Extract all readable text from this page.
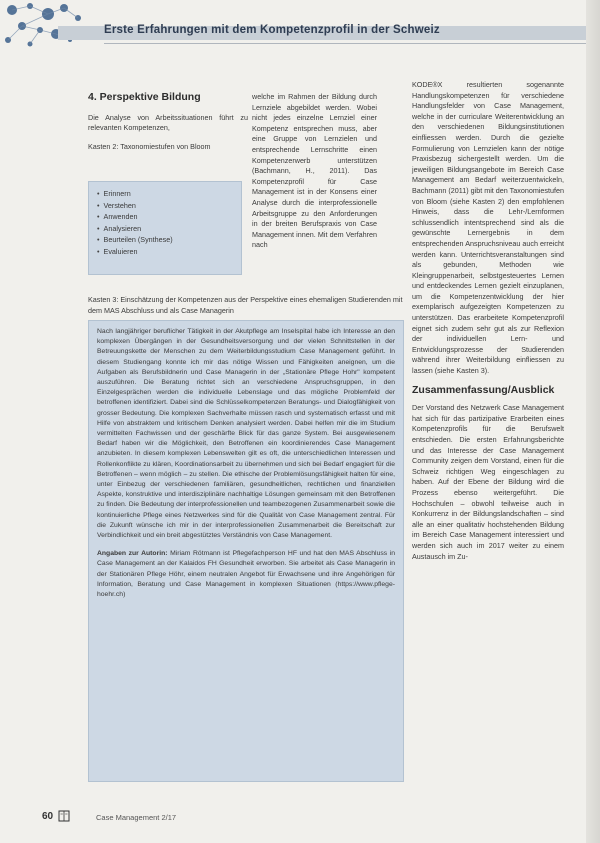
Erste Erfahrungen mit dem Kompetenzprofil in der Schweiz
4. Perspektive Bildung

Die Analyse von Arbeitssituationen führt zu relevanten Kompetenzen,

Kasten 2: Taxonomiestufen von Bloom

• Erinnern
• Verstehen
• Anwenden
• Analysieren
• Beurteilen (Synthese)
• Evaluieren

welche im Rahmen der Bildung durch Lernziele abgebildet werden. Wobei nicht jedes einzelne Lernziel einer Kompetenz entsprechen muss, aber eine Gruppe von Lernzielen und entsprechende Lernschritte einen Kompetenzerwerb unterstützen (Bachmann, H., 2011). Das Kompetenzprofil für Case Management ist in der Konsens einer Analyse durch die interprofessionelle Arbeitsgruppe zu den Anforderungen in der breiten Berufspraxis von Case Management innen. Mit dem Verfahren nach

KODE®X resultierten sogenannte Handlungskompetenzen für verschiedene Handlungsfelder von Case Management, welche in der curriculare Weiterentwicklung an den verschiedenen Bildungsinstitutionen einfliessen werden. Durch die gezielte Formulierung von Lernzielen kann der nötige Praxisbezug sichergestellt werden. Um die jeweiligen Bildungsangebote im Bereich Case Management am Bedarf weiterzuentwickeln, Bachmann (2011) gibt mit den Taxonomiestufen von Bloom (siehe Kasten 2) den empfohlenen Hinweis, dass die Lehr-/Lernformen schlussendlich intentsprechend sind als die gewünschte Lernergebnis in dem entsprechenden Anspruchsniveau auch erreicht werden kann. Unterrichtsveranstaltungen sind als gebunden, Methoden wie Kleingruppenarbeit, selbstgesteuertes Lernen und entdeckendes Lernen gezielt einzuplanen, um die Kompetenzentwicklung der hier exemplarisch aufgezeigten Kompetenzen zu unterstützen. Das erarbeitete Kompetenzprofil eignet sich zudem sehr gut als zur Reflexion der individuellen Lern- und Entwicklungsprozesse der Studierenden während ihrer Weiterbildung einfliessen zu lassen (siehe Kasten 3).

Zusammenfassung/Ausblick

Der Vorstand des Netzwerk Case Management hat sich für das partizipative Erarbeiten eines Kompetenzprofils für die Berufswelt entschieden. Die ersten Erfahrungsberichte und das Interesse der Case Management Community zeigen dem Vorstand, einen für die Schweiz richtigen Weg eingeschlagen zu haben. Auf der Ebene der Bildung wird die Prozess ebenso weitergeführt. Die Hochschulen – obwohl teilweise auch in Konkurrenz in der Bildungslandschaften – sind alle an einer qualitativ hochstehenden Bildung im Bereich Case Management interessiert und werden sich auch im 2017 weiter zu einem Austausch im Zu-

Kasten 3: Einschätzung der Kompetenzen aus der Perspektive eines ehemaligen Studierenden mit dem MAS Abschluss und als Case Managerin

Nach langjähriger beruflicher Tätigkeit in der Akutpflege am Inselspital habe ich Interesse an den komplexen Übergängen in der Gesundheitsversorgung und der vielen Schnittstellen in der Betreuungskette der Menschen zu dem Weiterbildungsstudium Case Management geführt. In diesem Studiengang konnte ich mir das nötige Wissen und Fähigkeiten aneignen, um die Aufgaben als Berufsbildnerin und Case Managerin in der „Stationäre Pflege Hohr" kompetent auszuführen. Die Beratung richtet sich an verschiedene Anspruchsgruppen, in den Einzelgesprächen werden die individuelle Lebenslage und das mögliche Problemfeld der betroffenen identifiziert. Dabei sind die Schlüsselkompetenzen Beratungs- und Dialogfähigkeit von grosser Bedeutung. Die komplexen Sachverhalte müssen rasch und systematisch erfasst und mit Hilfe von abstraktem und kritischem Denken analysiert werden. Dabei helfen mir die im Studium vermittelten Fachwissen und der geschärfte Blick für das ganze System. Bei ausgewiesenem Bedarf haben wir die Möglichkeit, den Betroffenen ein koordinierendes Case Management anzubieten. In diesem komplexen Lebenswelten gilt es oft, die unterschiedlichen Interessen und Rollenkonflikte zu klären, Koordinationsarbeit zu übernehmen und sich bei Bedarf engagiert für die Betroffenen – wenn möglich – zu stellen. Die ethische der Problemlösungsfähigkeit halten für eine, unter Einbezug der verschiedenen familiären, gesundheitlichen, rechtlichen und finanziellen Aspekte, konstruktive und interdisziplinäre nachhaltige Lösungen gemeinsam mit den Betroffenen zu finden. Die Bedeutung der interprofessionellen und teambezogenen Zusammenarbeit sowie die kontinuierliche Pflege eines Netzwerkes sind für die Qualität von Case Management zentral. Für die Zukunft wünsche ich mir in der interprofessionellen Zusammenarbeit die Bereitschaft zur Verbindlichkeit und ein breit abgestütztes Verständnis von Case Management.

Angaben zur Autorin: Miriam Rötmann ist Pflegefachperson HF und hat den MAS Abschluss in Case Management an der Kalaidos FH Gesundheit erworben. Sie arbeitet als Case Managerin in der Stationären Pflege Höhr, einem neutralen Angebot für Erwachsene und ihre Angehörigen für Information, Beratung und Case Management in komplexen Situationen (https://www.pflege-hoehr.ch)

60	Case Management 2/17
